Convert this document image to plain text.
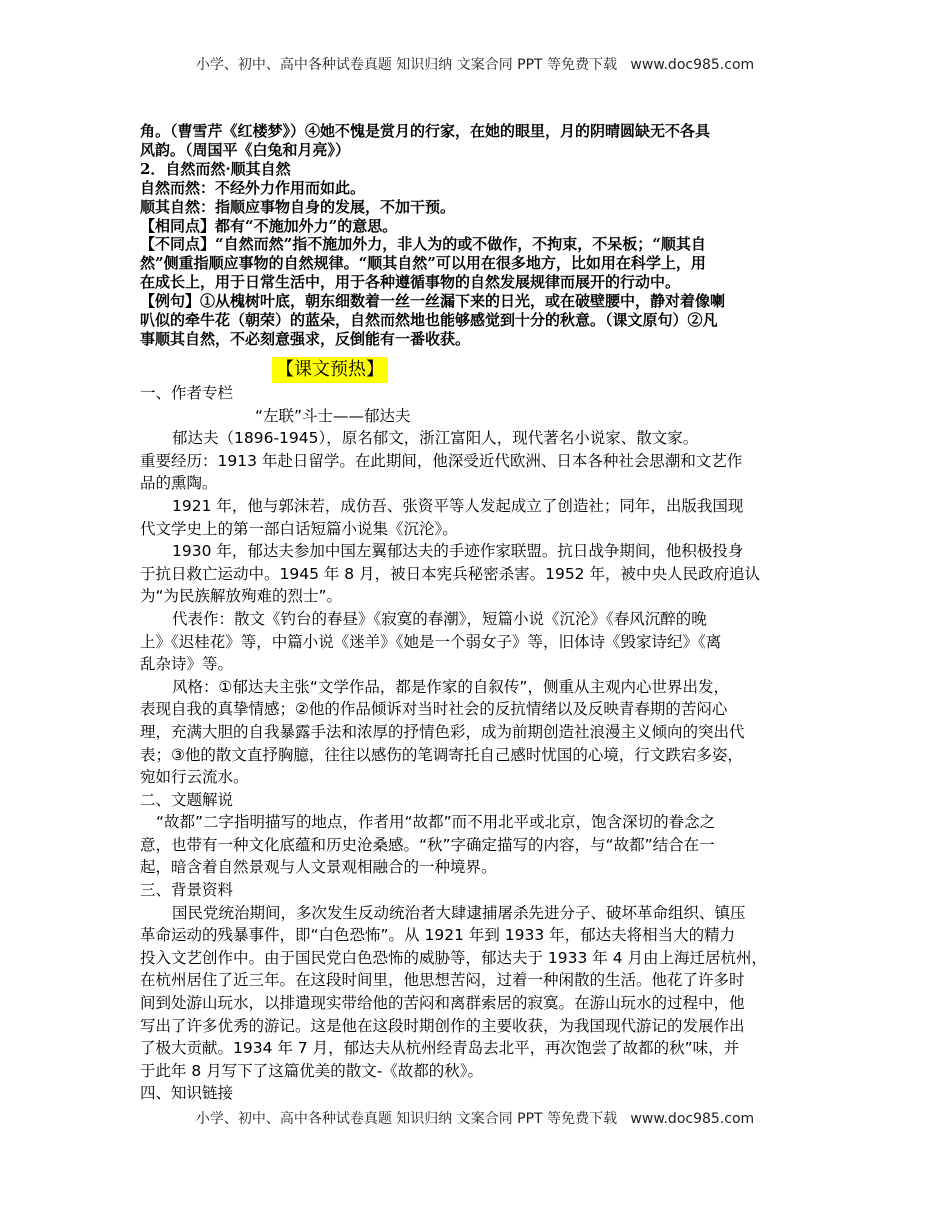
小学、初中、高中各种试卷真题 知识归纳 文案合同 PPT 等免费下载   www.doc985.com
角。（曹雪芹《红楼梦》）④她不愧是赏月的行家，在她的眼里，月的阴晴圆缺无不各具
风韵。（周国平《白兔和月亮》）
2．自然而然·顺其自然
自然而然：不经外力作用而如此。
顺其自然：指顺应事物自身的发展，不加干预。
【相同点】都有“不施加外力”的意思。
【不同点】“自然而然”指不施加外力，非人为的或不做作，不拘束，不呆板；“顺其自
然”侧重指顺应事物的自然规律。“顺其自然”可以用在很多地方，比如用在科学上，用
在成长上，用于日常生活中，用于各种遵循事物的自然发展规律而展开的行动中。
【例句】①从槐树叶底，朝东细数着一丝一丝漏下来的日光，或在破壁腰中，静对着像喇
叭似的牵牛花（朝荣）的蓝朵，自然而然地也能够感觉到十分的秋意。（课文原句）②凡
事顺其自然，不必刻意强求，反倒能有一番收获。
【课文预热】
一、作者专栏
“左联”斗士——郁达夫
郁达夫（1896-1945），原名郁文，浙江富阳人，现代著名小说家、散文家。
重要经历：1913 年赴日留学。在此期间，他深受近代欧洲、日本各种社会思潮和文艺作
品的熏陶。
1921 年，他与郭沫若，成仿吾、张资平等人发起成立了创造社；同年，出版我国现
代文学史上的第一部白话短篇小说集《沉沦》。
1930 年，郁达夫参加中国左翼郁达夫的手迹作家联盟。抗日战争期间，他积极投身
于抗日救亡运动中。1945 年 8 月，被日本宪兵秘密杀害。1952 年，被中央人民政府追认
为“为民族解放殉难的烈士”。
代表作：散文《钓台的春昼》《寂寞的春潮》，短篇小说《沉沦》《春风沉醉的晚
上》《迟桂花》等，中篇小说《迷羊》《她是一个弱女子》等，旧体诗《毁家诗纪》《离
乱杂诗》等。
风格：①郁达夫主张“文学作品，都是作家的自叙传”，侧重从主观内心世界出发，
表现自我的真挚情感；②他的作品倾诉对当时社会的反抗情绪以及反映青春期的苦闷心
理，充满大胆的自我暴露手法和浓厚的抒情色彩，成为前期创造社浪漫主义倾向的突出代
表；③他的散文直抒胸臆，往往以感伤的笔调寄托自己感时忧国的心境，行文跌宕多姿，
宛如行云流水。
二、文题解说
“故都”二字指明描写的地点，作者用“故都”而不用北平或北京，饱含深切的眷念之
意，也带有一种文化底蕴和历史沧桑感。“秋”字确定描写的内容，与“故都”结合在一
起，暗含着自然景观与人文景观相融合的一种境界。
三、背景资料
国民党统治期间，多次发生反动统治者大肆逮捕屠杀先进分子、破坏革命组织、镇压
革命运动的残暴事件，即“白色恐怖”。从 1921 年到 1933 年，郁达夫将相当大的精力
投入文艺创作中。由于国民党白色恐怖的威胁等，郁达夫于 1933 年 4 月由上海迁居杭州，
在杭州居住了近三年。在这段时间里，他思想苦闷，过着一种闲散的生活。他花了许多时
间到处游山玩水，以排遣现实带给他的苦闷和离群索居的寂寞。在游山玩水的过程中，他
写出了许多优秀的游记。这是他在这段时期创作的主要收获，为我国现代游记的发展作出
了极大贡献。1934 年 7 月，郁达夫从杭州经青岛去北平，再次饱尝了故都的秋”味，并
于此年 8 月写下了这篇优美的散文-《故都的秋》。
四、知识链接
小学、初中、高中各种试卷真题 知识归纳 文案合同 PPT 等免费下载   www.doc985.com
